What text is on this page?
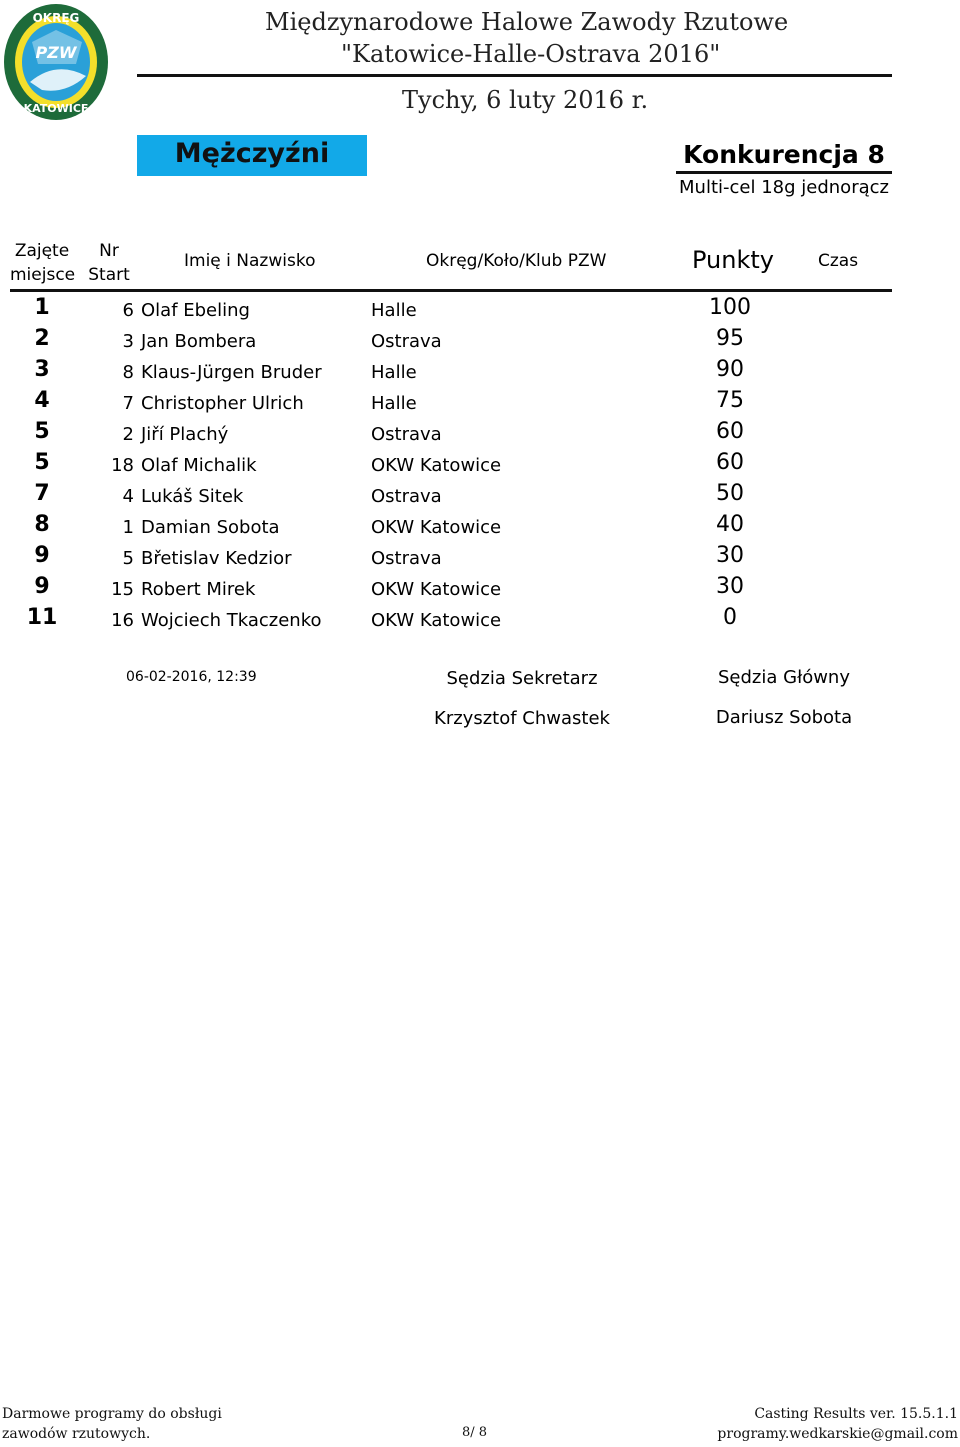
OKRĘG
PZW
KATOWICE
Międzynarodowe Halowe Zawody Rzutowe
"Katowice-Halle-Ostrava 2016"
Tychy, 6 luty 2016 r.
Mężczyźni	Konkurencja 8
Multi-cel 18g jednorącz
Zajęte
miejsce
Nr
Start
Imię i Nazwisko	Okręg/Koło/Klub PZW	Punkty	Czas
1	6 Olaf Ebeling	Halle	100
2	3 Jan Bombera	Ostrava	95
3	8 Klaus-Jürgen Bruder	Halle	90
4	7 Christopher Ulrich	Halle	75
5	2 Jiří Plachý	Ostrava	60
5	18 Olaf Michalik	OKW Katowice	60
7	4 Lukáš Sitek	Ostrava	50
8	1 Damian Sobota	OKW Katowice	40
9	5 Břetislav Kedzior	Ostrava	30
9	15 Robert Mirek	OKW Katowice	30
11	16 Wojciech Tkaczenko	OKW Katowice	0
06-02-2016, 12:39	Sędzia Sekretarz	Sędzia Główny
Krzysztof Chwastek	Dariusz Sobota
Darmowe programy do obsługi
zawodów rzutowych.	8/ 8
Casting Results ver. 15.5.1.1
programy.wedkarskie@gmail.com
